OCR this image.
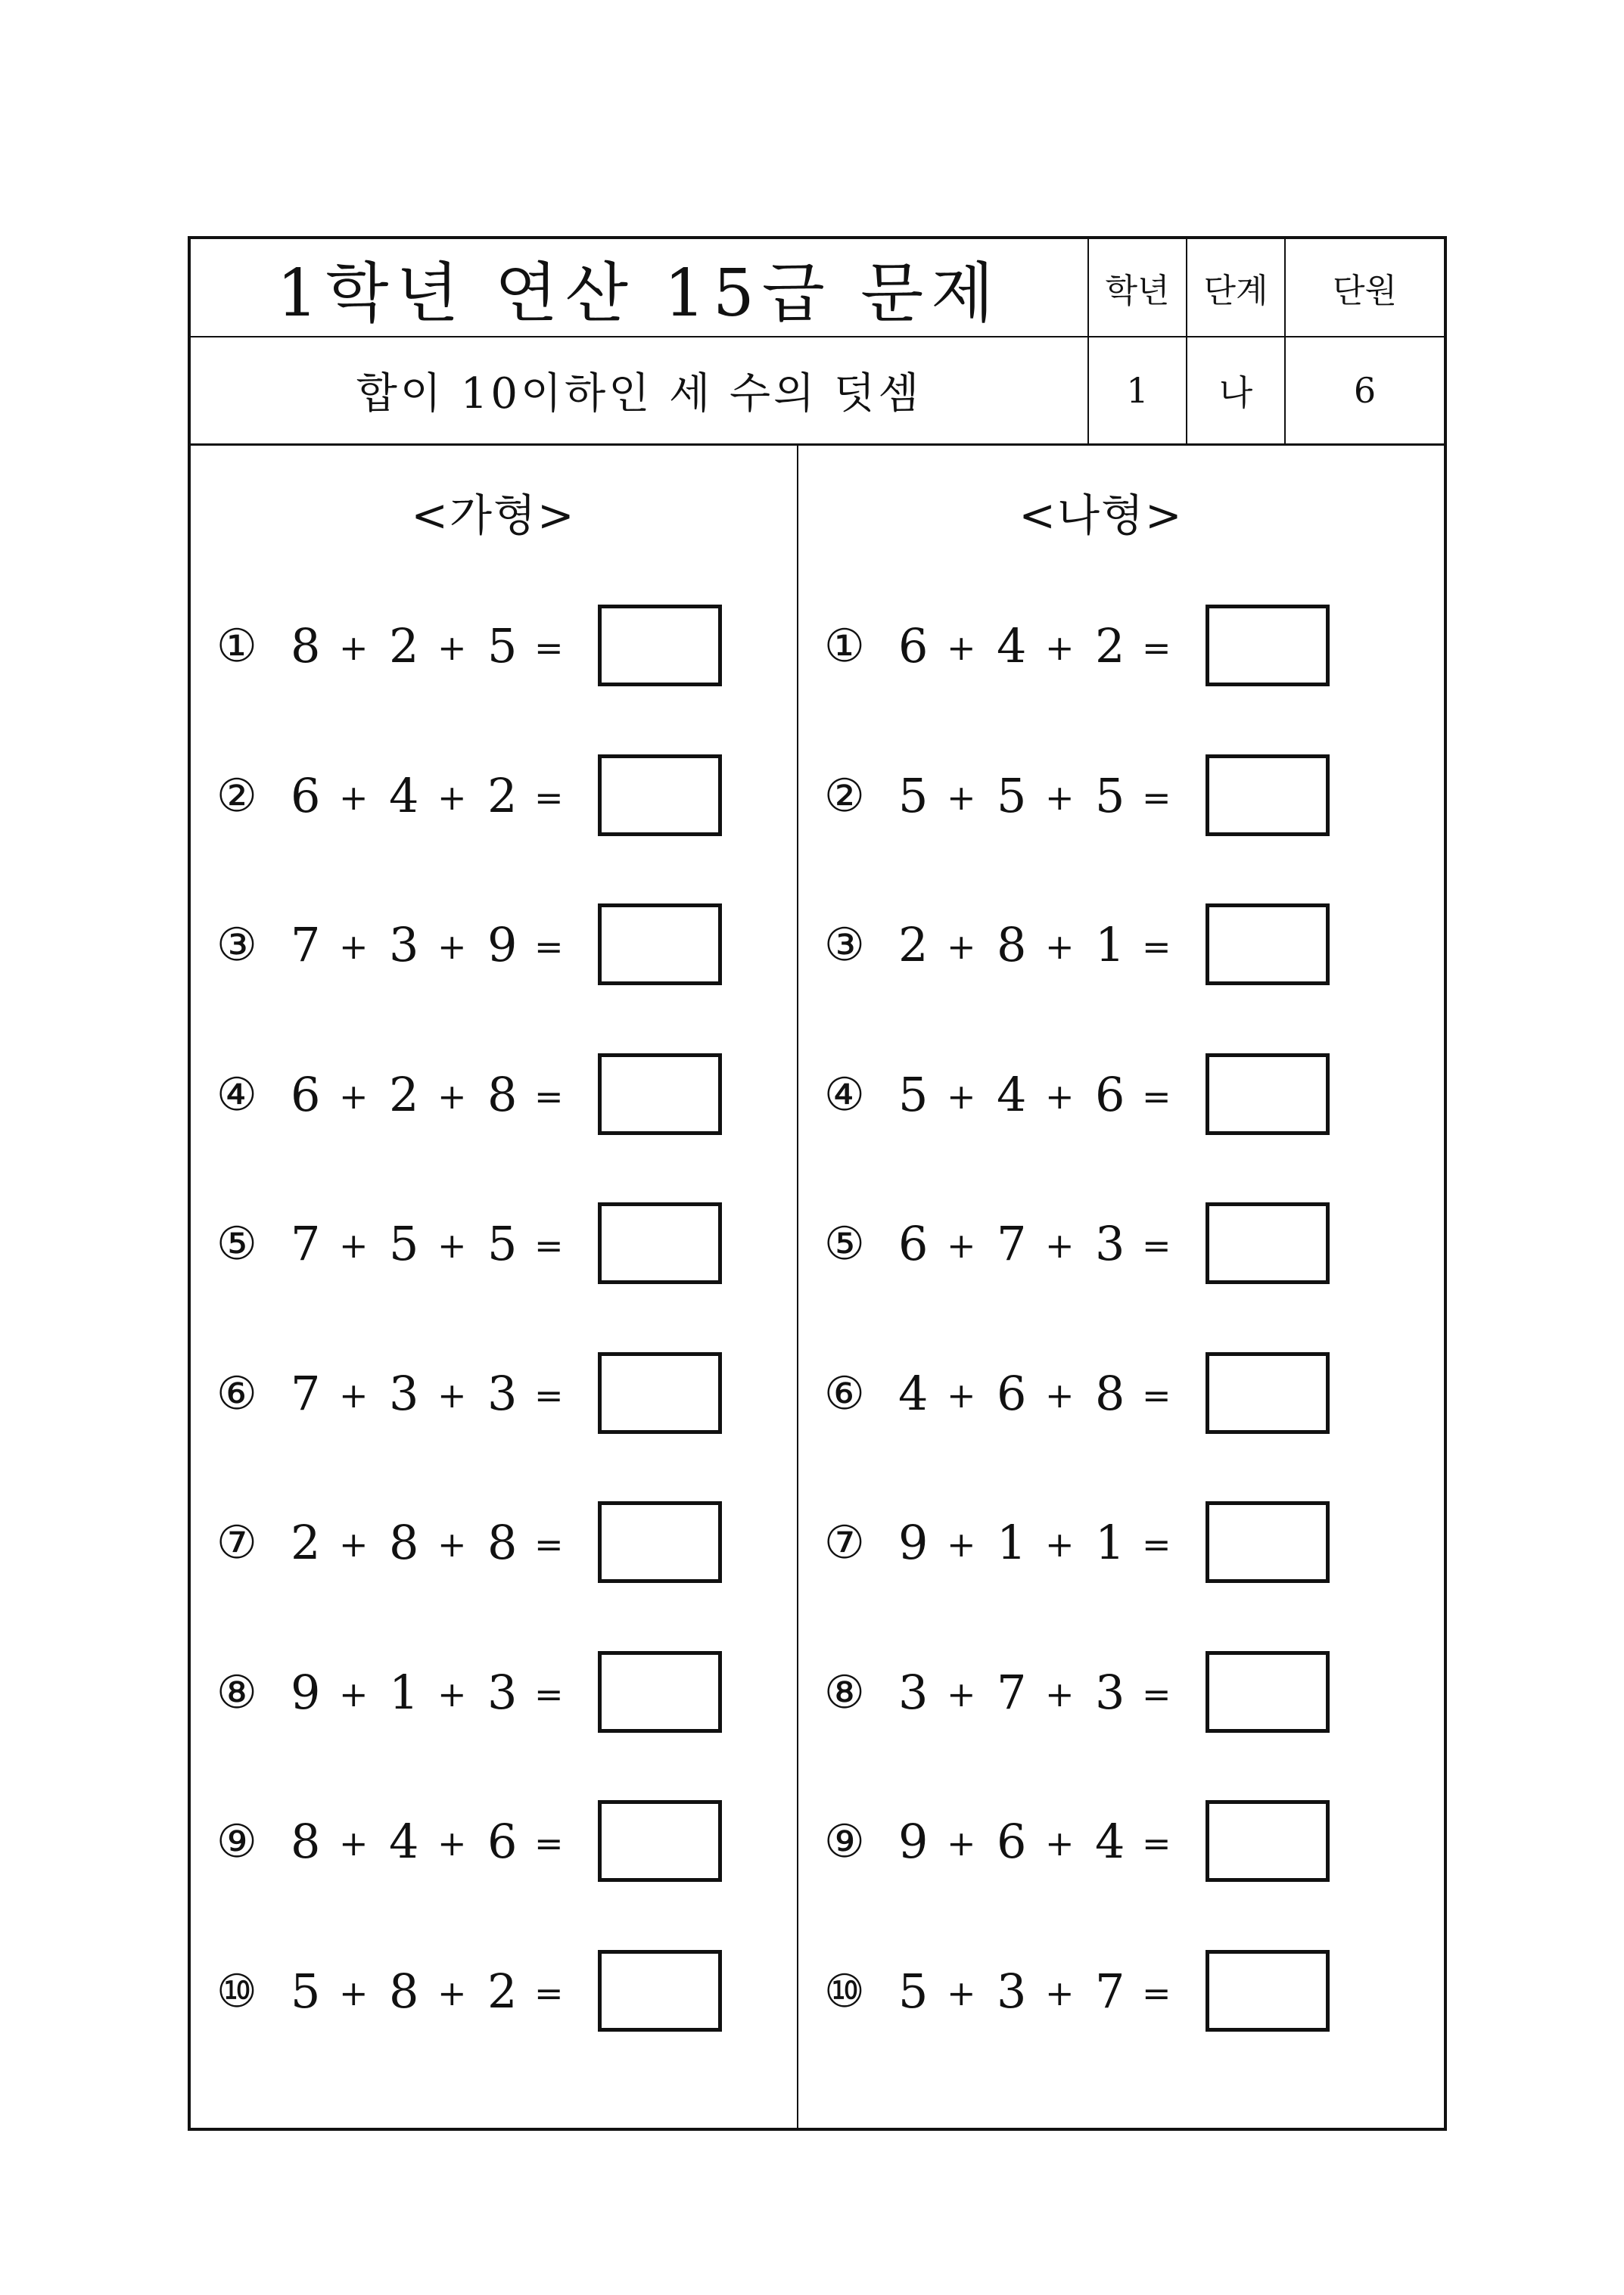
1학년 연산 15급 문제
합이 10이하인 세 수의 덧셈
학년	단계	단원
1	나	6
<가형>
① 8 + 2 + 5 =
② 6 + 4 + 2 =
③ 7 + 3 + 9 =
④ 6 + 2 + 8 =
⑤ 7 + 5 + 5 =
⑥ 7 + 3 + 3 =
⑦ 2 + 8 + 8 =
⑧ 9 + 1 + 3 =
⑨ 8 + 4 + 6 =
⑩ 5 + 8 + 2 =
<나형>
① 6 + 4 + 2 =
② 5 + 5 + 5 =
③ 2 + 8 + 1 =
④ 5 + 4 + 6 =
⑤ 6 + 7 + 3 =
⑥ 4 + 6 + 8 =
⑦ 9 + 1 + 1 =
⑧ 3 + 7 + 3 =
⑨ 9 + 6 + 4 =
⑩ 5 + 3 + 7 =
